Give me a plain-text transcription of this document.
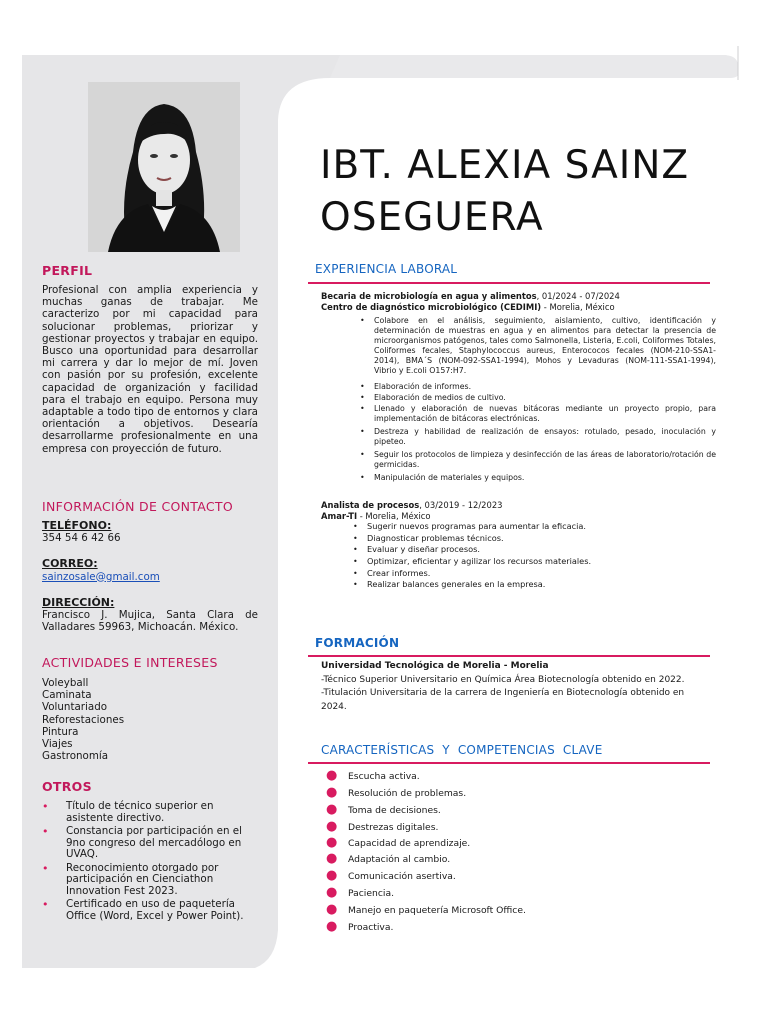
IBT. ALEXIA SAINZ
OSEGUERA
PERFIL
Profesional con amplia experiencia y muchas ganas de trabajar. Me caracterizo por mi capacidad para solucionar problemas, priorizar y gestionar proyectos y trabajar en equipo. Busco una oportunidad para desarrollar mi carrera y dar lo mejor de mí. Joven con pasión por su profesión, excelente capacidad de organización y facilidad para el trabajo en equipo. Persona muy adaptable a todo tipo de entornos y clara orientación a objetivos. Desearía desarrollarme profesionalmente en una empresa con proyección de futuro.
INFORMACIÓN DE CONTACTO
TELÉFONO:
354 54 6 42 66
CORREO:
sainzosale@gmail.com
DIRECCIÓN:
Francisco J. Mujica, Santa Clara de Valladares 59963, Michoacán. México.
ACTIVIDADES E INTERESES
Voleyball
Caminata
Voluntariado
Reforestaciones
Pintura
Viajes
Gastronomía
OTROS
• Título de técnico superior en asistente directivo.
• Constancia por participación en el 9no congreso del mercadólogo en UVAQ.
• Reconocimiento otorgado por participación en Cienciathon Innovation Fest 2023.
• Certificado en uso de paquetería Office (Word, Excel y Power Point).
EXPERIENCIA LABORAL
Becaria de microbiología en agua y alimentos, 01/2024 - 07/2024
Centro de diagnóstico microbiológico (CEDIMI) - Morelia, México
• Colabore en el análisis, seguimiento, aislamiento, cultivo, identificación y determinación de muestras en agua y en alimentos para detectar la presencia de microorganismos patógenos, tales como Salmonella, Listeria, E.coli, Coliformes Totales, Coliformes fecales, Staphylococcus aureus, Enterococos fecales (NOM-210-SSA1- 2014), BMA´S (NOM-092-SSA1-1994), Mohos y Levaduras (NOM-111-SSA1-1994), Vibrio y E.coli O157:H7.
• Elaboración de informes.
• Elaboración de medios de cultivo.
• Llenado y elaboración de nuevas bitácoras mediante un proyecto propio, para implementación de bitácoras electrónicas.
• Destreza y habilidad de realización de ensayos: rotulado, pesado, inoculación y pipeteo.
• Seguir los protocolos de limpieza y desinfección de las áreas de laboratorio/rotación de germicidas.
• Manipulación de materiales y equipos.
Analista de procesos, 03/2019 - 12/2023
Amar-TI - Morelia, México
• Sugerir nuevos programas para aumentar la eficacia.
• Diagnosticar problemas técnicos.
• Evaluar y diseñar procesos.
• Optimizar, eficientar y agilizar los recursos materiales.
• Crear informes.
• Realizar balances generales en la empresa.
FORMACIÓN
Universidad Tecnológica de Morelia - Morelia
-Técnico Superior Universitario en Química Área Biotecnología obtenido en 2022.
-Titulación Universitaria de la carrera de Ingeniería en Biotecnología obtenido en 2024.
CARACTERÍSTICAS Y COMPETENCIAS CLAVE
● Escucha activa.
● Resolución de problemas.
● Toma de decisiones.
● Destrezas digitales.
● Capacidad de aprendizaje.
● Adaptación al cambio.
● Comunicación asertiva.
● Paciencia.
● Manejo en paquetería Microsoft Office.
● Proactiva.
